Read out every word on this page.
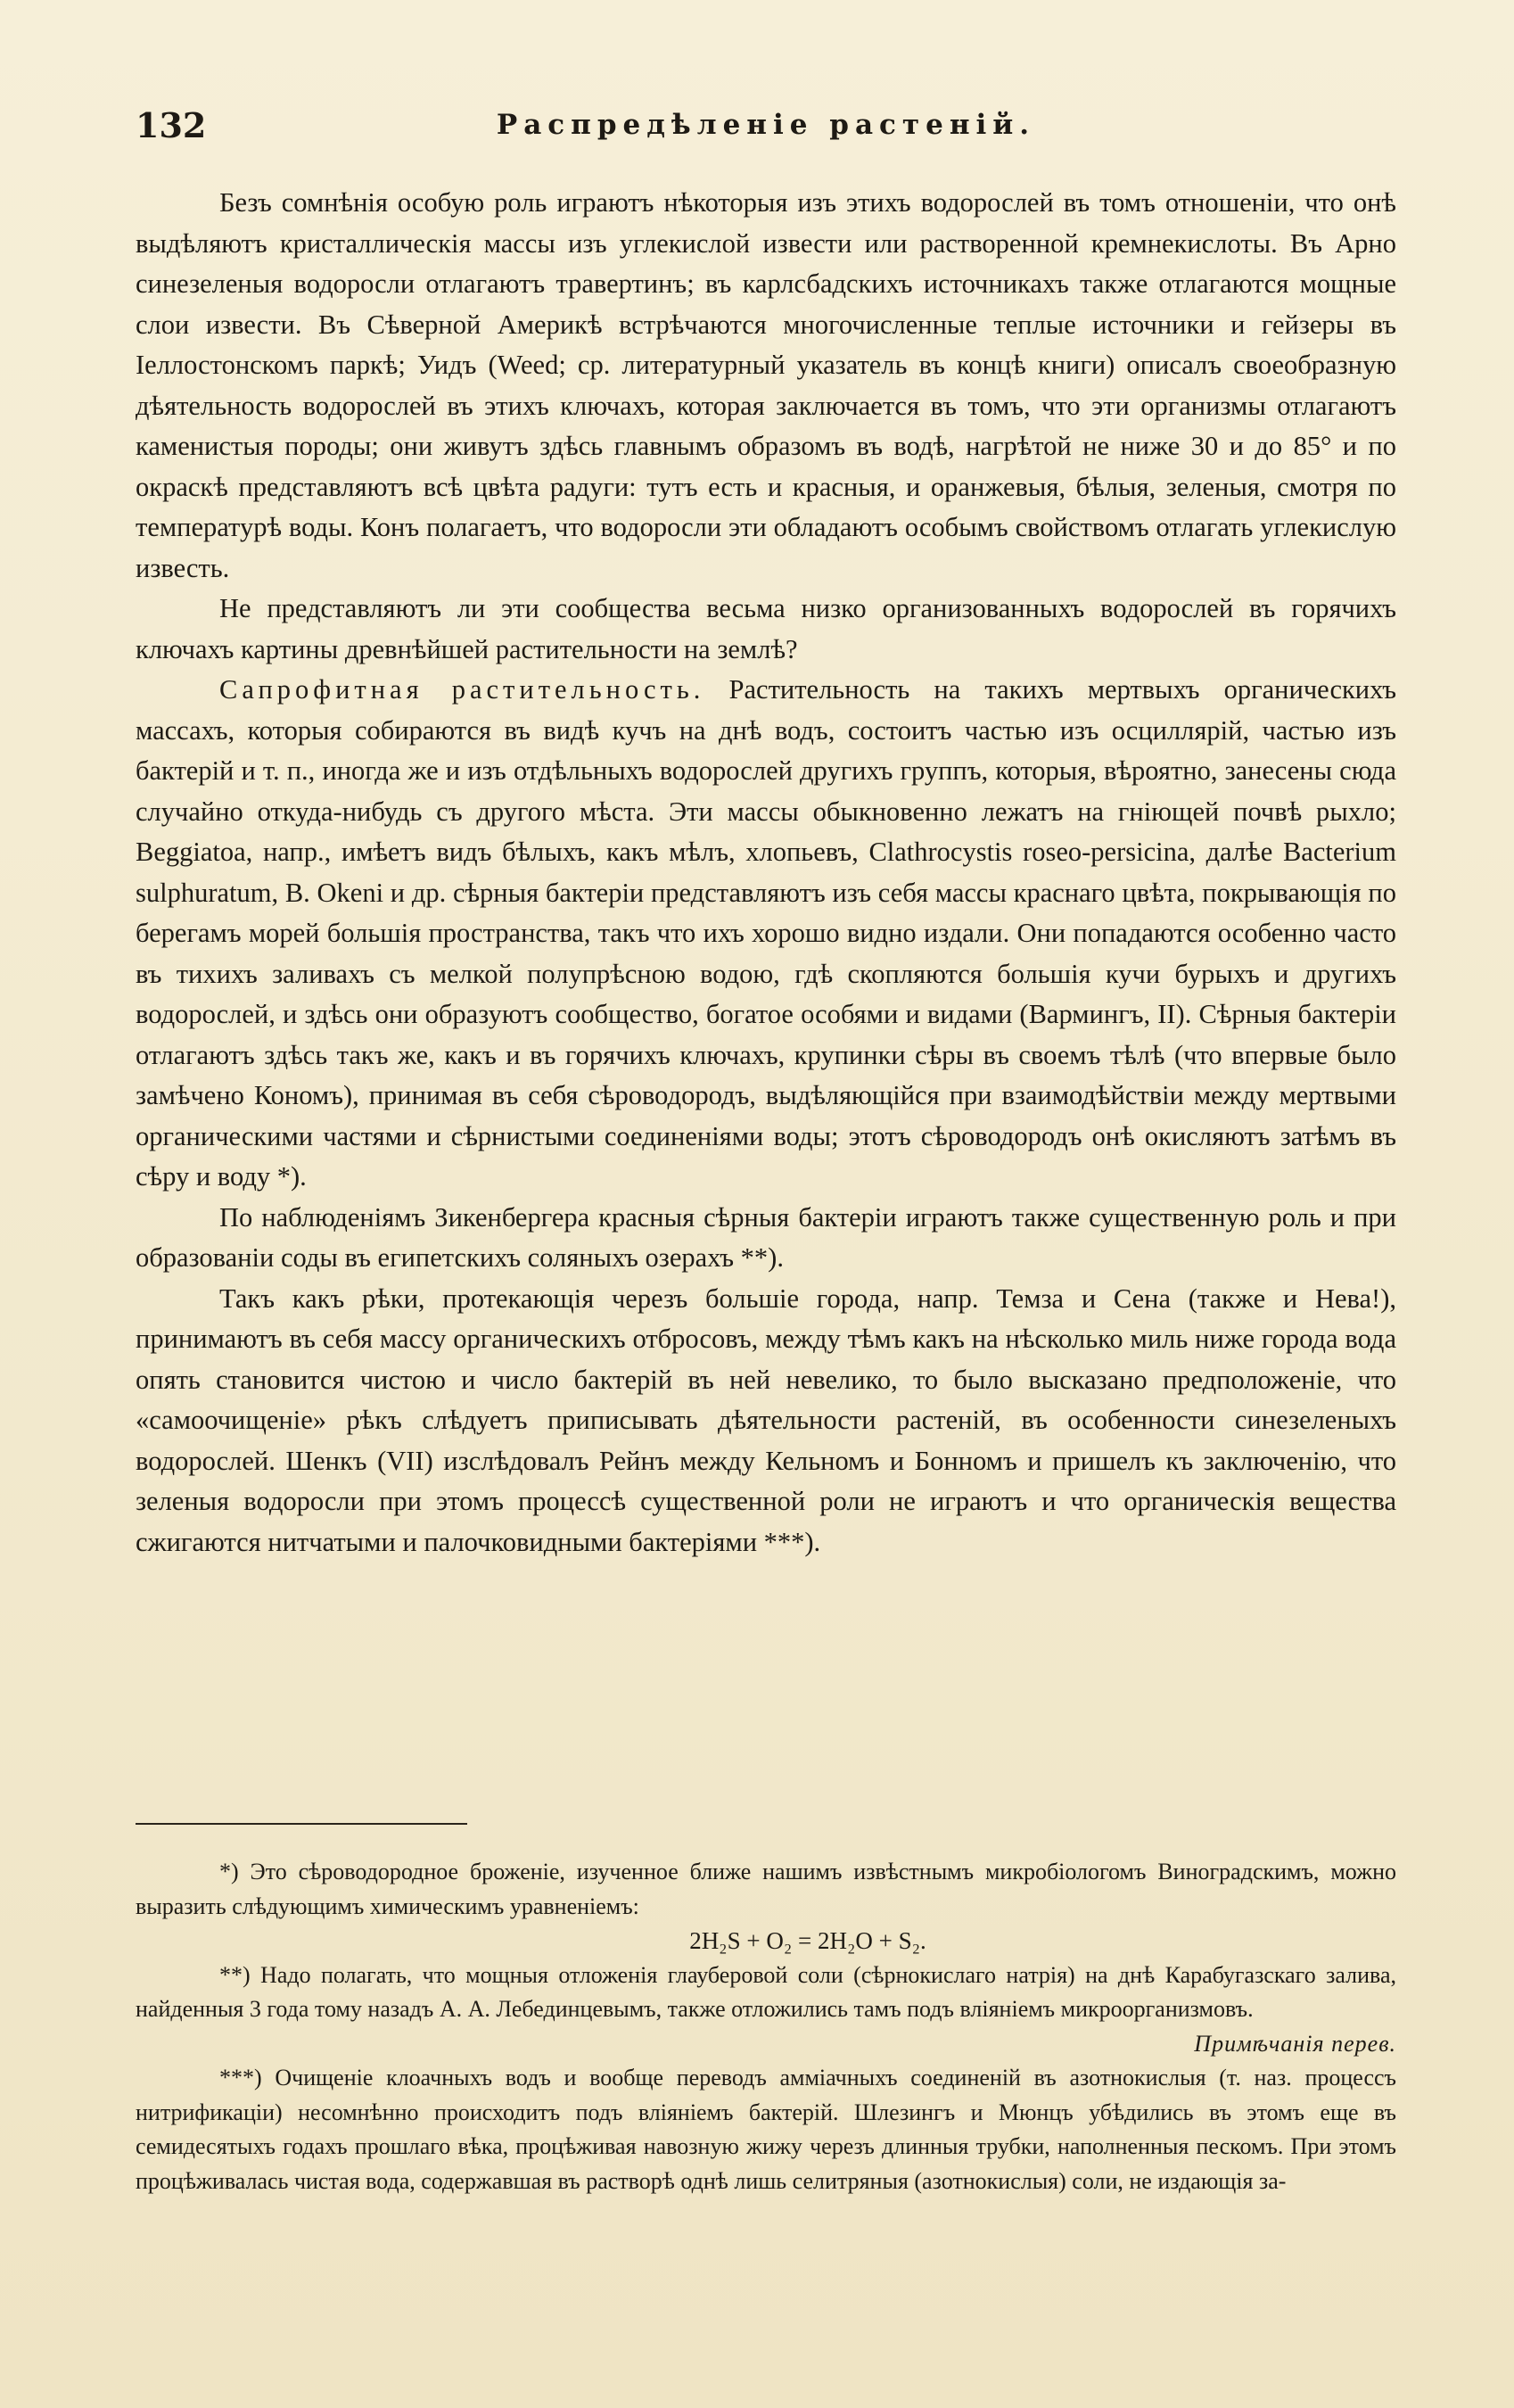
132	Распредѣленіе растеній.

Безъ сомнѣнія особую роль играютъ нѣкоторыя изъ этихъ водорослей въ томъ отношеніи, что онѣ выдѣляютъ кристаллическія массы изъ углекислой извести или растворенной кремнекислоты. Въ Арно синезеленыя водоросли отлагаютъ травертинъ; въ карлсбадскихъ источникахъ также отлагаются мощные слои извести. Въ Сѣверной Америкѣ встрѣчаются многочисленные теплые источники и гейзеры въ Іеллостонскомъ паркѣ; Уидъ (Weed; ср. литературный указатель въ концѣ книги) описалъ своеобразную дѣятельность водорослей въ этихъ ключахъ, которая заключается въ томъ, что эти организмы отлагаютъ каменистыя породы; они живутъ здѣсь главнымъ образомъ въ водѣ, нагрѣтой не ниже 30 и до 85° и по окраскѣ представляютъ всѣ цвѣта радуги: тутъ есть и красныя, и оранжевыя, бѣлыя, зеленыя, смотря по температурѣ воды. Конъ полагаетъ, что водоросли эти обладаютъ особымъ свойствомъ отлагать углекислую известь.

Не представляютъ ли эти сообщества весьма низко организованныхъ водорослей въ горячихъ ключахъ картины древнѣйшей растительности на землѣ?

Сапрофитная растительность. Растительность на такихъ мертвыхъ органическихъ массахъ, которыя собираются въ видѣ кучъ на днѣ водъ, состоитъ частью изъ осциллярій, частью изъ бактерій и т. п., иногда же и изъ отдѣльныхъ водорослей другихъ группъ, которыя, вѣроятно, занесены сюда случайно откуда-нибудь съ другого мѣста. Эти массы обыкновенно лежатъ на гніющей почвѣ рыхло; Beggiatoa, напр., имѣетъ видъ бѣлыхъ, какъ мѣлъ, хлопьевъ, Clathrocystis roseo-persicina, далѣе Bacterium sulphuratum, B. Okeni и др. сѣрныя бактеріи представляютъ изъ себя массы краснаго цвѣта, покрывающія по берегамъ морей большія пространства, такъ что ихъ хорошо видно издали. Они попадаются особенно часто въ тихихъ заливахъ съ мелкой полупрѣсною водою, гдѣ скопляются большія кучи бурыхъ и другихъ водорослей, и здѣсь они образуютъ сообщество, богатое особями и видами (Вармингъ, II). Сѣрныя бактеріи отлагаютъ здѣсь такъ же, какъ и въ горячихъ ключахъ, крупинки сѣры въ своемъ тѣлѣ (что впервые было замѣчено Кономъ), принимая въ себя сѣроводородъ, выдѣляющійся при взаимодѣйствіи между мертвыми органическими частями и сѣрнистыми соединеніями воды; этотъ сѣроводородъ онѣ окисляютъ затѣмъ въ сѣру и воду *).

По наблюденіямъ Зикенбергера красныя сѣрныя бактеріи играютъ также существенную роль и при образованіи соды въ египетскихъ соляныхъ озерахъ **).

Такъ какъ рѣки, протекающія черезъ большіе города, напр. Темза и Сена (также и Нева!), принимаютъ въ себя массу органическихъ отбросовъ, между тѣмъ какъ на нѣсколько миль ниже города вода опять становится чистою и число бактерій въ ней невелико, то было высказано предположеніе, что «самоочищеніе» рѣкъ слѣдуетъ приписывать дѣятельности растеній, въ особенности синезеленыхъ водорослей. Шенкъ (VII) изслѣдовалъ Рейнъ между Кельномъ и Бонномъ и пришелъ къ заключенію, что зеленыя водоросли при этомъ процессѣ существенной роли не играютъ и что органическія вещества сжигаются нитчатыми и палочковидными бактеріями ***).

*) Это сѣроводородное броженіе, изученное ближе нашимъ извѣстнымъ микробіологомъ Виноградскимъ, можно выразить слѣдующимъ химическимъ уравненіемъ:

2H₂S + O₂ = 2H₂O + S₂.

**) Надо полагать, что мощныя отложенія глауберовой соли (сѣрнокислаго натрія) на днѣ Карабугазскаго залива, найденныя 3 года тому назадъ А. А. Лебединцевымъ, также отложились тамъ подъ вліяніемъ микроорганизмовъ.
Примѣчанія перев.

***) Очищеніе клоачныхъ водъ и вообще переводъ амміачныхъ соединеній въ азотнокислыя (т. наз. процессъ нитрификаціи) несомнѣнно происходитъ подъ вліяніемъ бактерій. Шлезингъ и Мюнцъ убѣдились въ этомъ еще въ семидесятыхъ годахъ прошлаго вѣка, процѣживая навозную жижу черезъ длинныя трубки, наполненныя пескомъ. При этомъ процѣживалась чистая вода, содержавшая въ растворѣ однѣ лишь селитряныя (азотнокислыя) соли, не издающія за-
